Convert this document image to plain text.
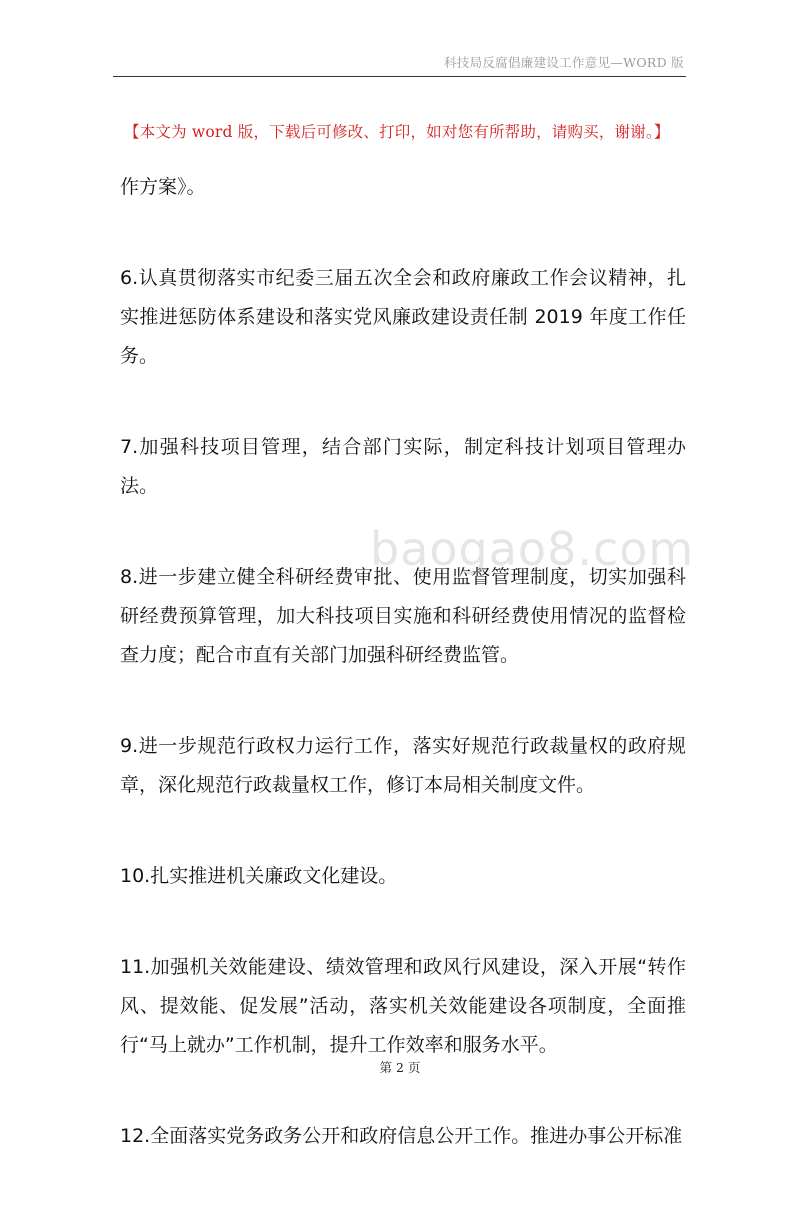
科技局反腐倡廉建设工作意见—WORD 版
【本文为 word 版，下载后可修改、打印，如对您有所帮助，请购买，谢谢。】

作方案》。

6.认真贯彻落实市纪委三届五次全会和政府廉政工作会议精神，扎实推进惩防体系建设和落实党风廉政建设责任制 2019 年度工作任务。

7.加强科技项目管理，结合部门实际，制定科技计划项目管理办法。

8.进一步建立健全科研经费审批、使用监督管理制度，切实加强科研经费预算管理，加大科技项目实施和科研经费使用情况的监督检查力度；配合市直有关部门加强科研经费监管。

9.进一步规范行政权力运行工作，落实好规范行政裁量权的政府规章，深化规范行政裁量权工作，修订本局相关制度文件。

10.扎实推进机关廉政文化建设。

11.加强机关效能建设、绩效管理和政风行风建设，深入开展“转作风、提效能、促发展”活动，落实机关效能建设各项制度，全面推行“马上就办”工作机制，提升工作效率和服务水平。

12.全面落实党务政务公开和政府信息公开工作。推进办事公开标准

baogao8.com
第 2 页
